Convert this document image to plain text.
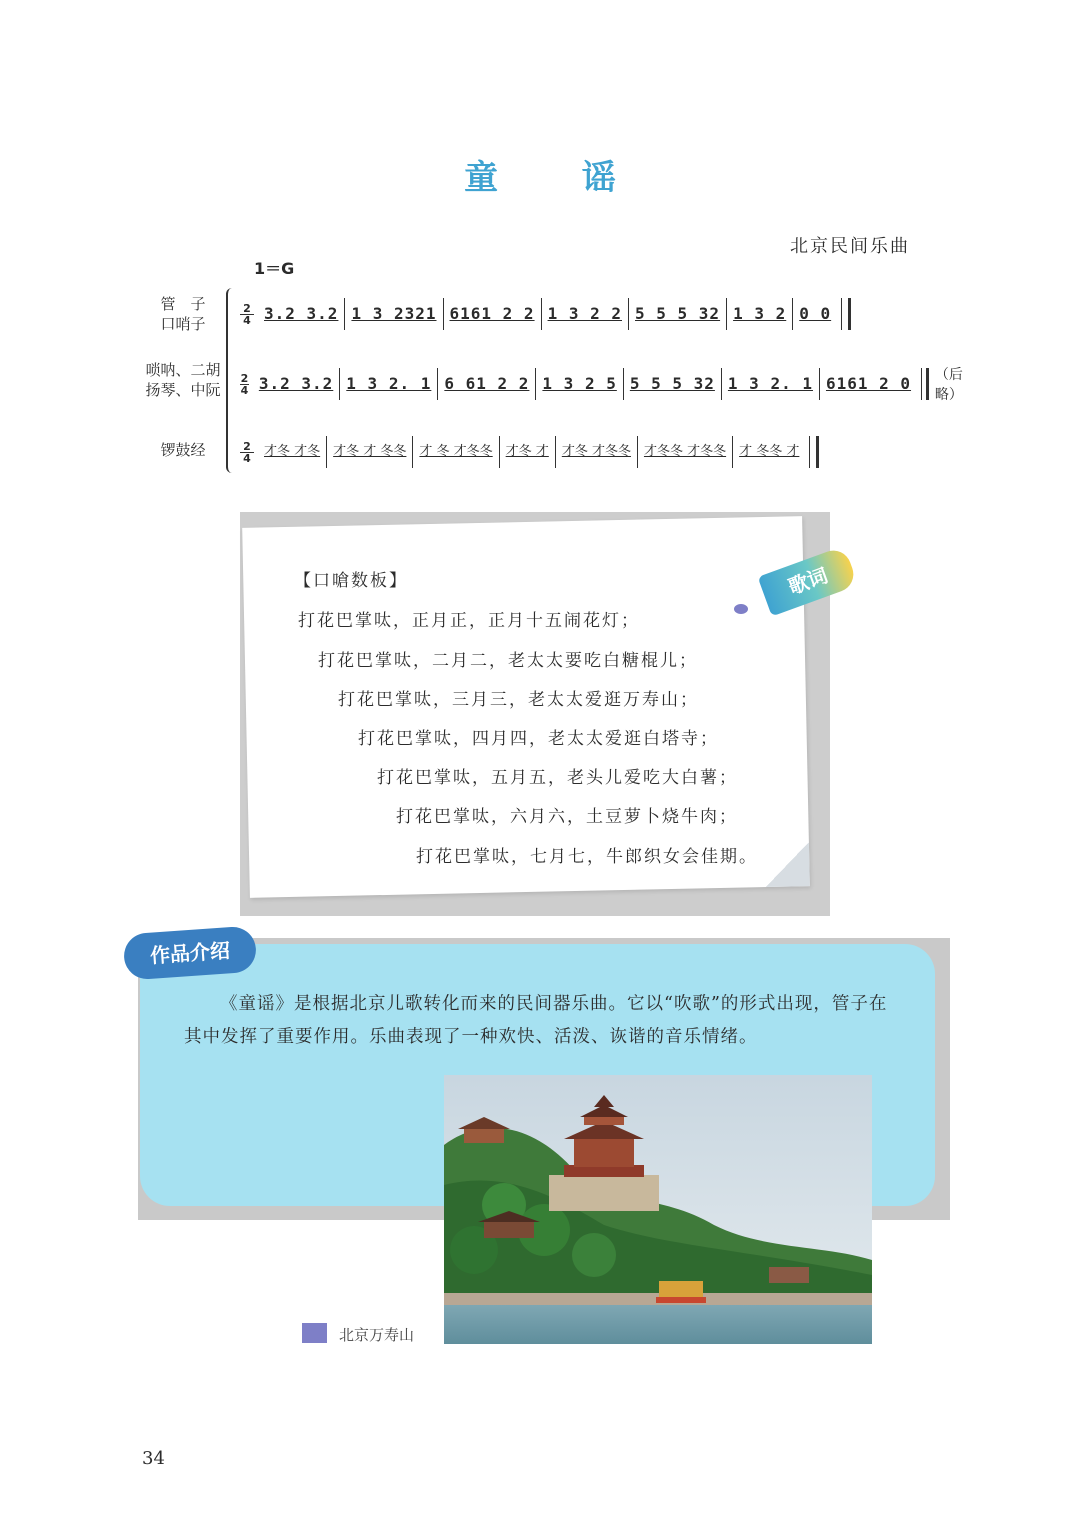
童 谣
北京民间乐曲
1＝G
管　子
口哨子
唢呐、二胡
扬琴、中阮
锣鼓经
2
4 3.2 3.2 1 3 2321 6161 2 2 1 3 2 2 5 5 5 32 1 3 2 0 0
2
4 3.2 3.2 1 3 2. 1 6 61 2 2 1 3 2 5 5 5 5 32 1 3 2. 1 6161 2 0	（后略）
2
4	才冬 才冬	才冬 才 冬冬	才 冬 才冬冬	才冬 才	才冬 才冬冬	才冬冬 才冬冬	才 冬冬 才
歌词
【口嗆数板】
打花巴掌呔，正月正，正月十五闹花灯；
打花巴掌呔，二月二，老太太要吃白糖棍儿；
打花巴掌呔，三月三，老太太爱逛万寿山；
打花巴掌呔，四月四，老太太爱逛白塔寺；
打花巴掌呔，五月五，老头儿爱吃大白薯；
打花巴掌呔，六月六，土豆萝卜烧牛肉；
打花巴掌呔，七月七，牛郎织女会佳期。
作品介绍
《童谣》是根据北京儿歌转化而来的民间器乐曲。它以“吹歌”的形式出现，管子在其中发挥了重要作用。乐曲表现了一种欢快、活泼、诙谐的音乐情绪。
北京万寿山
34
